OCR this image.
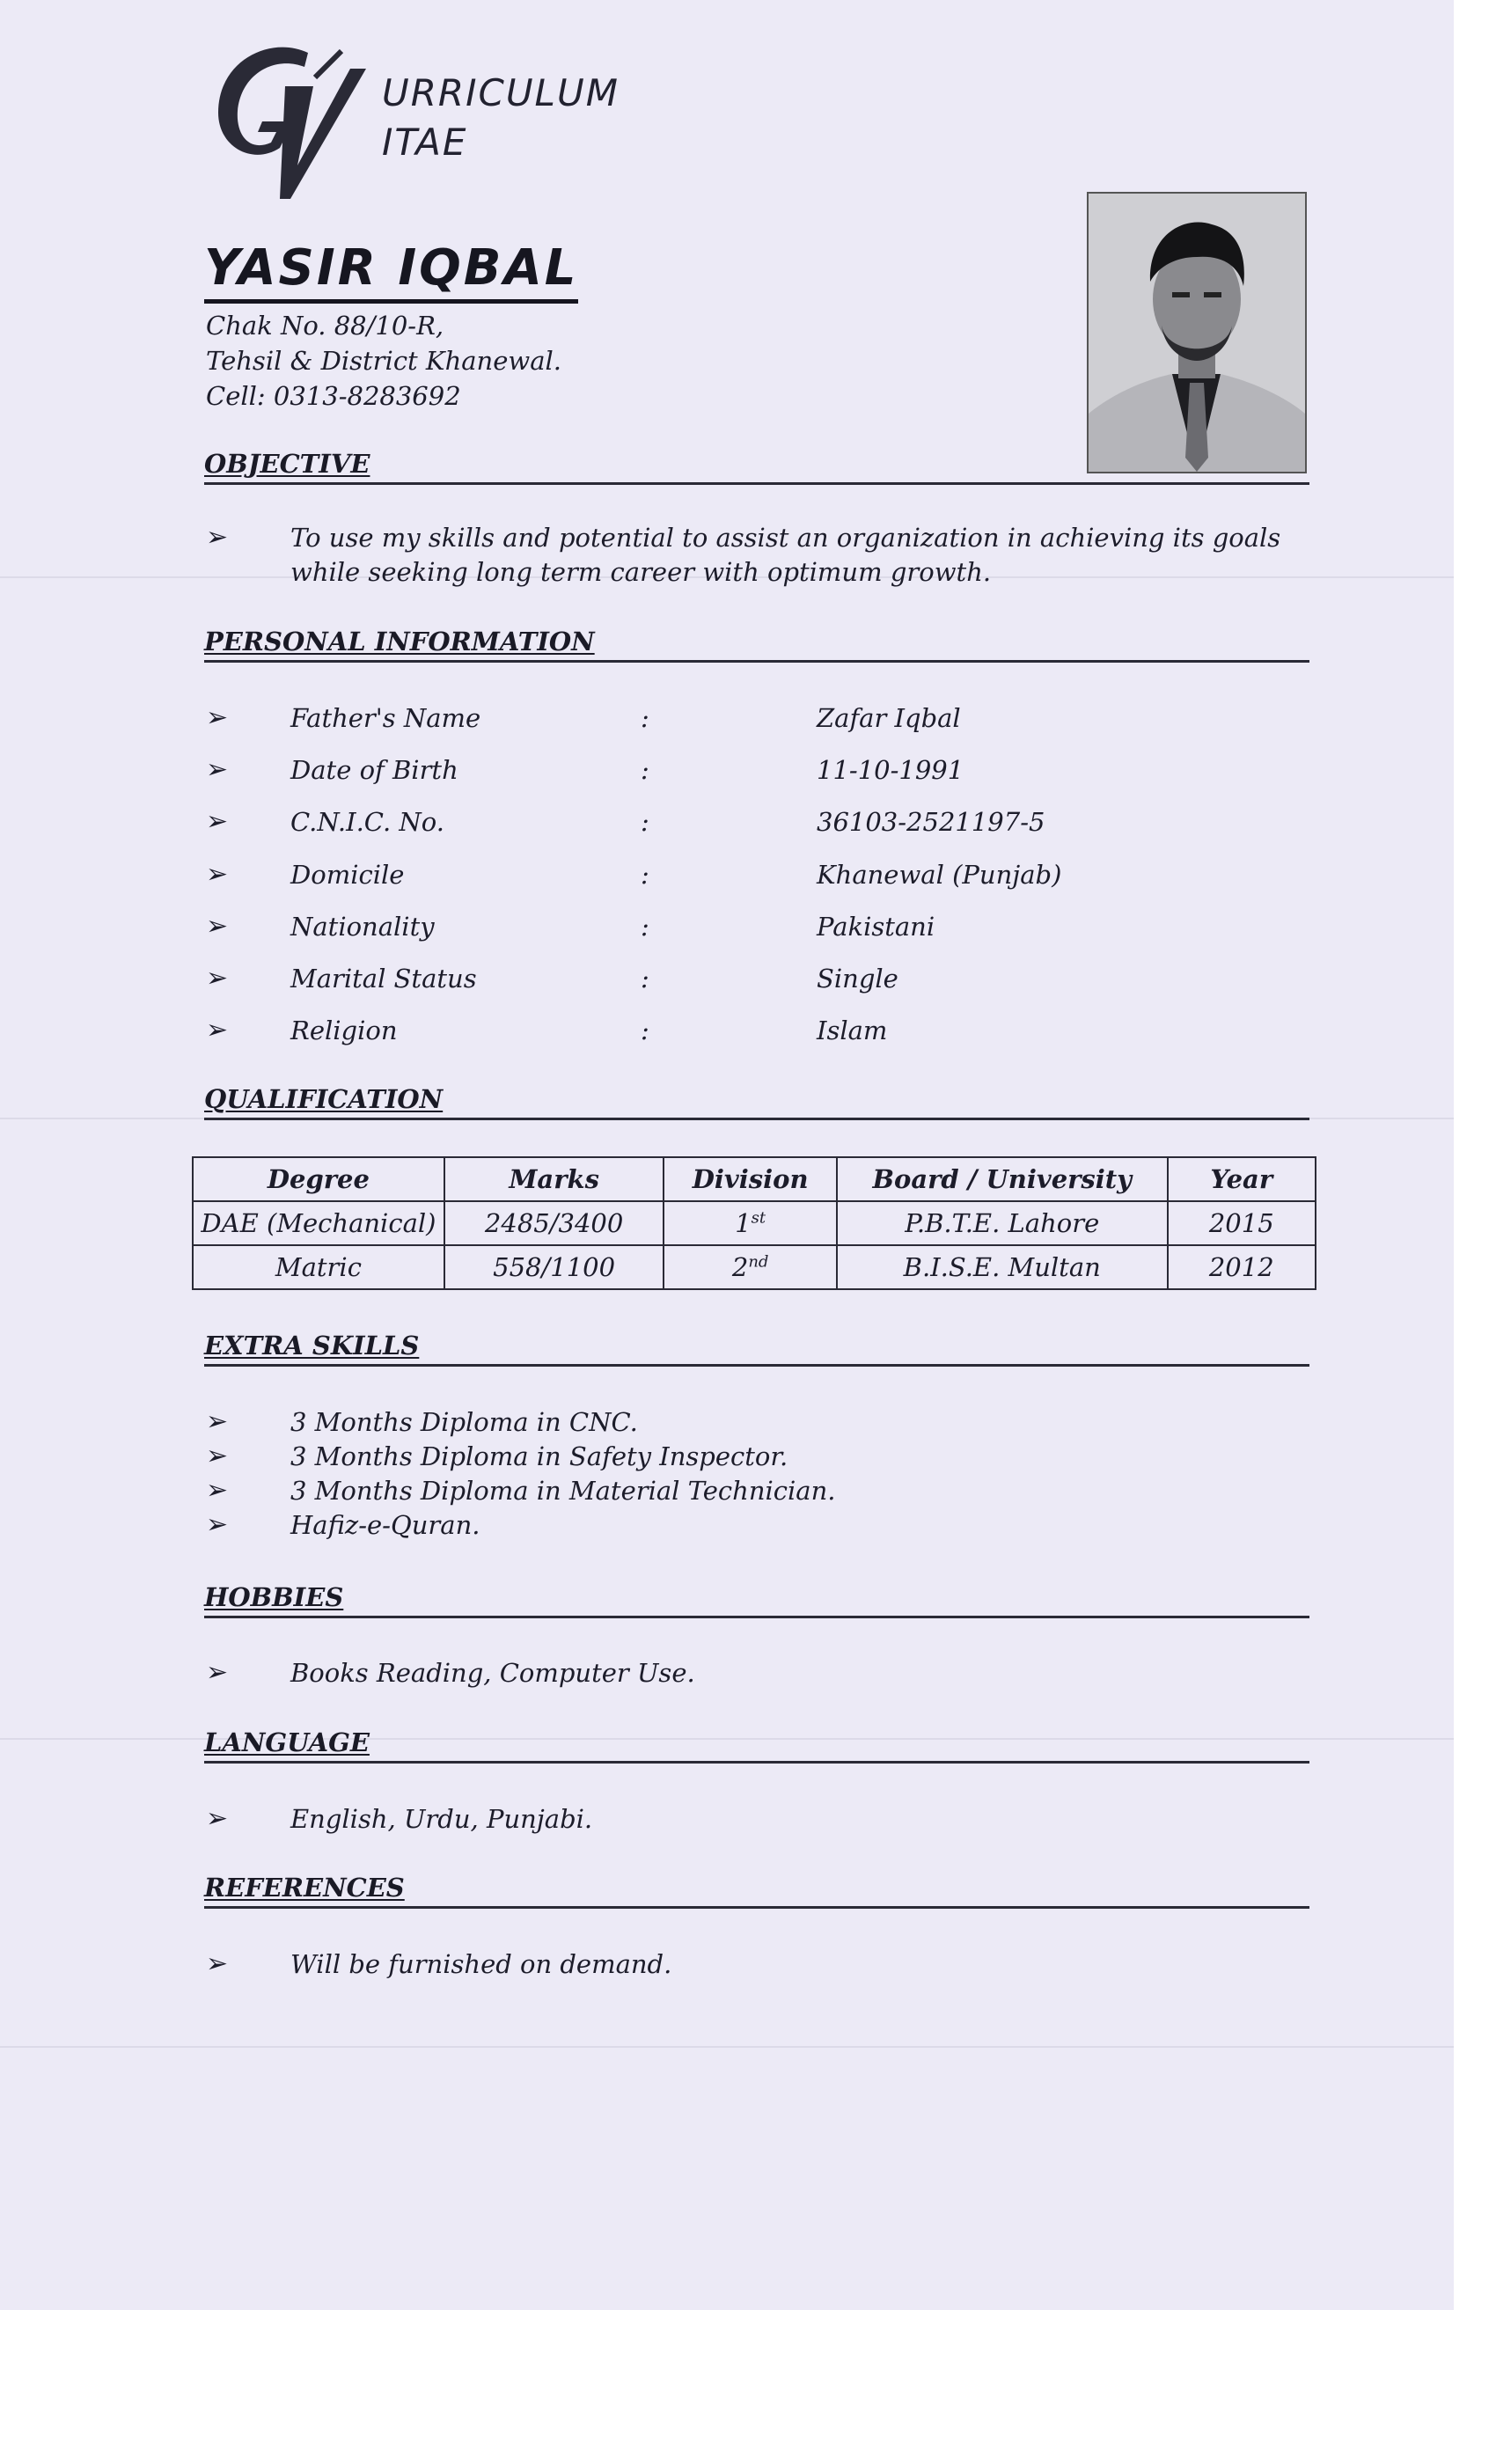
URRICULUM
ITAE
YASIR IQBAL
Chak No. 88/10-R,
Tehsil & District Khanewal.
Cell: 0313-8283692
OBJECTIVE
➢ To use my skills and potential to assist an organization in achieving its goals while seeking long term career with optimum growth.
PERSONAL INFORMATION
➢ Father's Name	:	Zafar Iqbal
➢ Date of Birth	:	11-10-1991
➢ C.N.I.C. No.	:	36103-2521197-5
➢ Domicile	:	Khanewal (Punjab)
➢ Nationality	:	Pakistani
➢ Marital Status	:	Single
➢ Religion	:	Islam
QUALIFICATION
Degree	Marks	Division	Board / University	Year
DAE (Mechanical)	2485/3400	1st	P.B.T.E. Lahore	2015
Matric	558/1100	2nd	B.I.S.E. Multan	2012
EXTRA SKILLS
➢ 3 Months Diploma in CNC.
➢ 3 Months Diploma in Safety Inspector.
➢ 3 Months Diploma in Material Technician.
➢ Hafiz-e-Quran.
HOBBIES
➢ Books Reading, Computer Use.
LANGUAGE
➢ English, Urdu, Punjabi.
REFERENCES
➢ Will be furnished on demand.
